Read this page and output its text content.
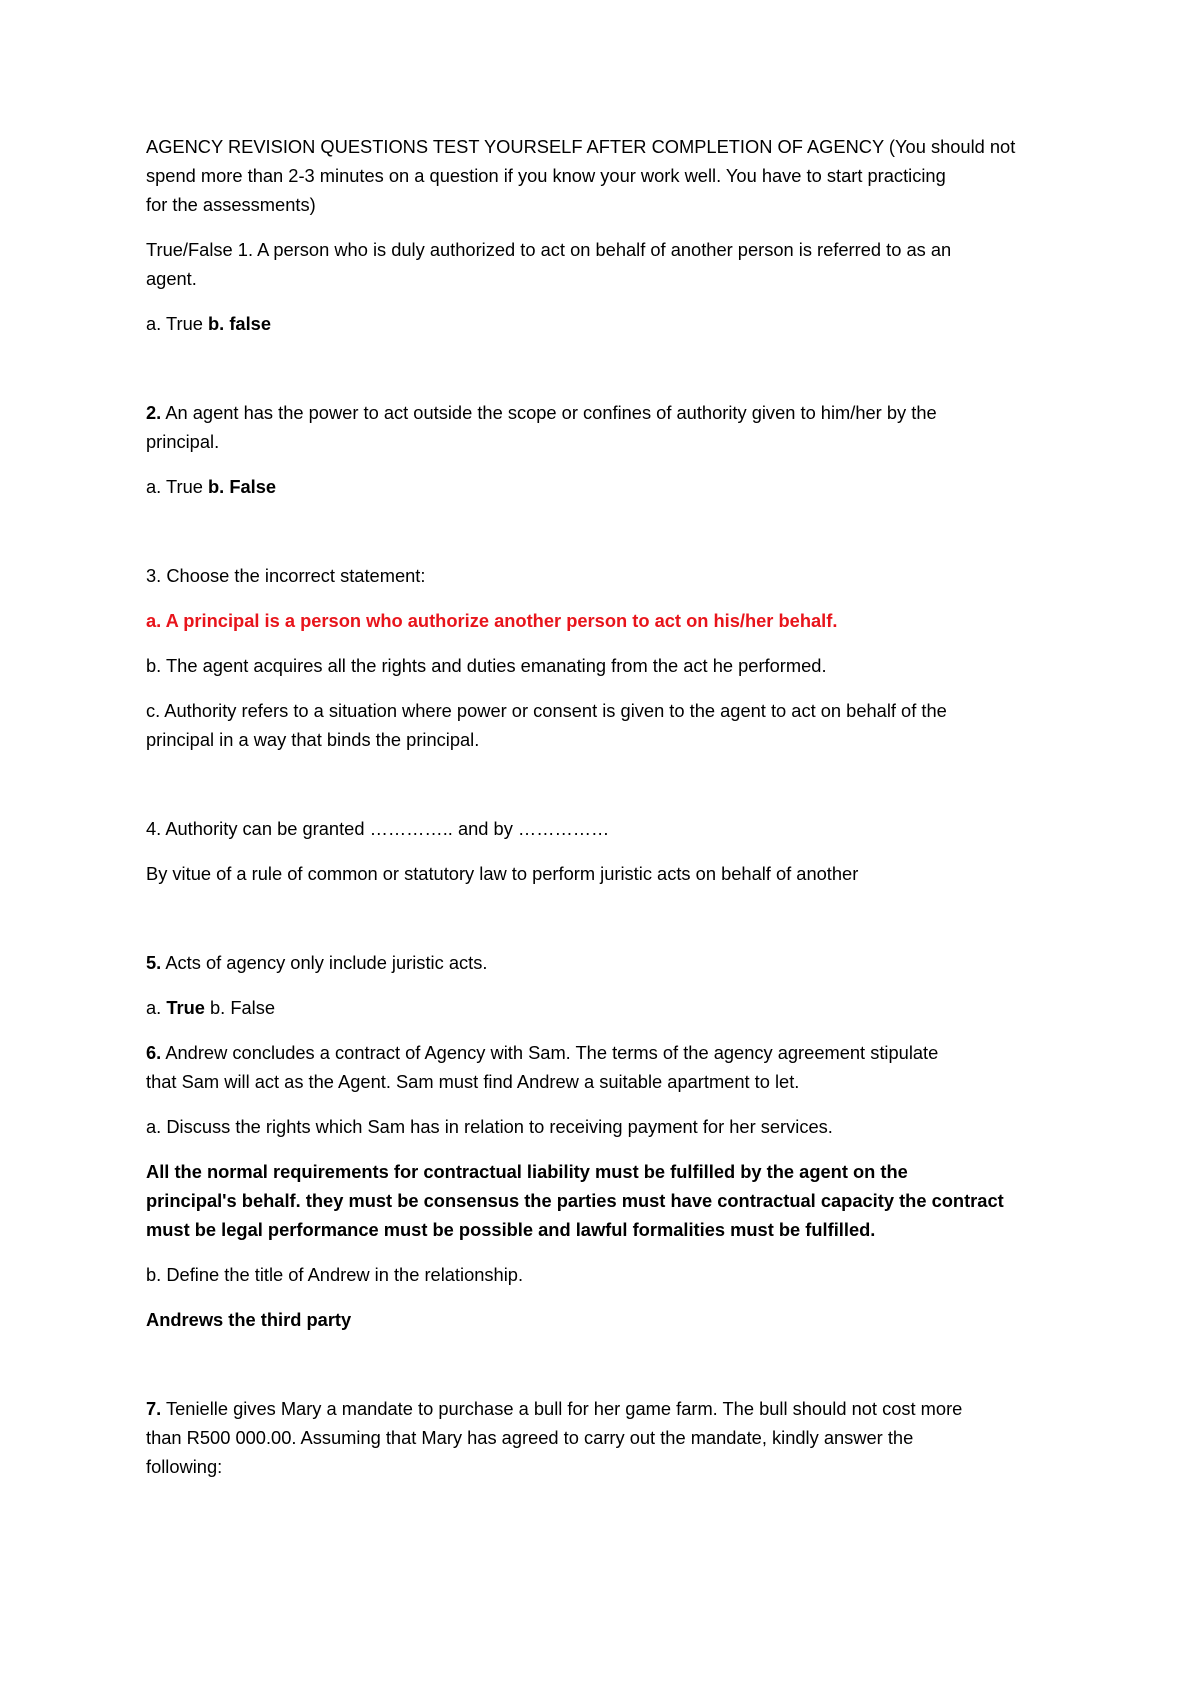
AGENCY REVISION QUESTIONS TEST YOURSELF AFTER COMPLETION OF AGENCY (You should not

spend more than 2-3 minutes on a question if you know your work well. You have to start practicing

for the assessments)

True/False 1. A person who is duly authorized to act on behalf of another person is referred to as an

agent.

a. True b. false

2. An agent has the power to act outside the scope or confines of authority given to him/her by the

principal.

a. True b. False

3. Choose the incorrect statement:

a. A principal is a person who authorize another person to act on his/her behalf.

b. The agent acquires all the rights and duties emanating from the act he performed.

c. Authority refers to a situation where power or consent is given to the agent to act on behalf of the

principal in a way that binds the principal.

4. Authority can be granted ………….. and by ……………

By vitue of a rule of common or statutory law to perform juristic acts on behalf of another

5. Acts of agency only include juristic acts.

a. True b. False

6. Andrew concludes a contract of Agency with Sam. The terms of the agency agreement stipulate

that Sam will act as the Agent. Sam must find Andrew a suitable apartment to let.

a. Discuss the rights which Sam has in relation to receiving payment for her services.

All the normal requirements for contractual liability must be fulfilled by the agent on the

principal's behalf. they must be consensus the parties must have contractual capacity the contract

must be legal performance must be possible and lawful formalities must be fulfilled.

b. Define the title of Andrew in the relationship.

Andrews the third party

7. Tenielle gives Mary a mandate to purchase a bull for her game farm. The bull should not cost more

than R500 000.00. Assuming that Mary has agreed to carry out the mandate, kindly answer the

following:
